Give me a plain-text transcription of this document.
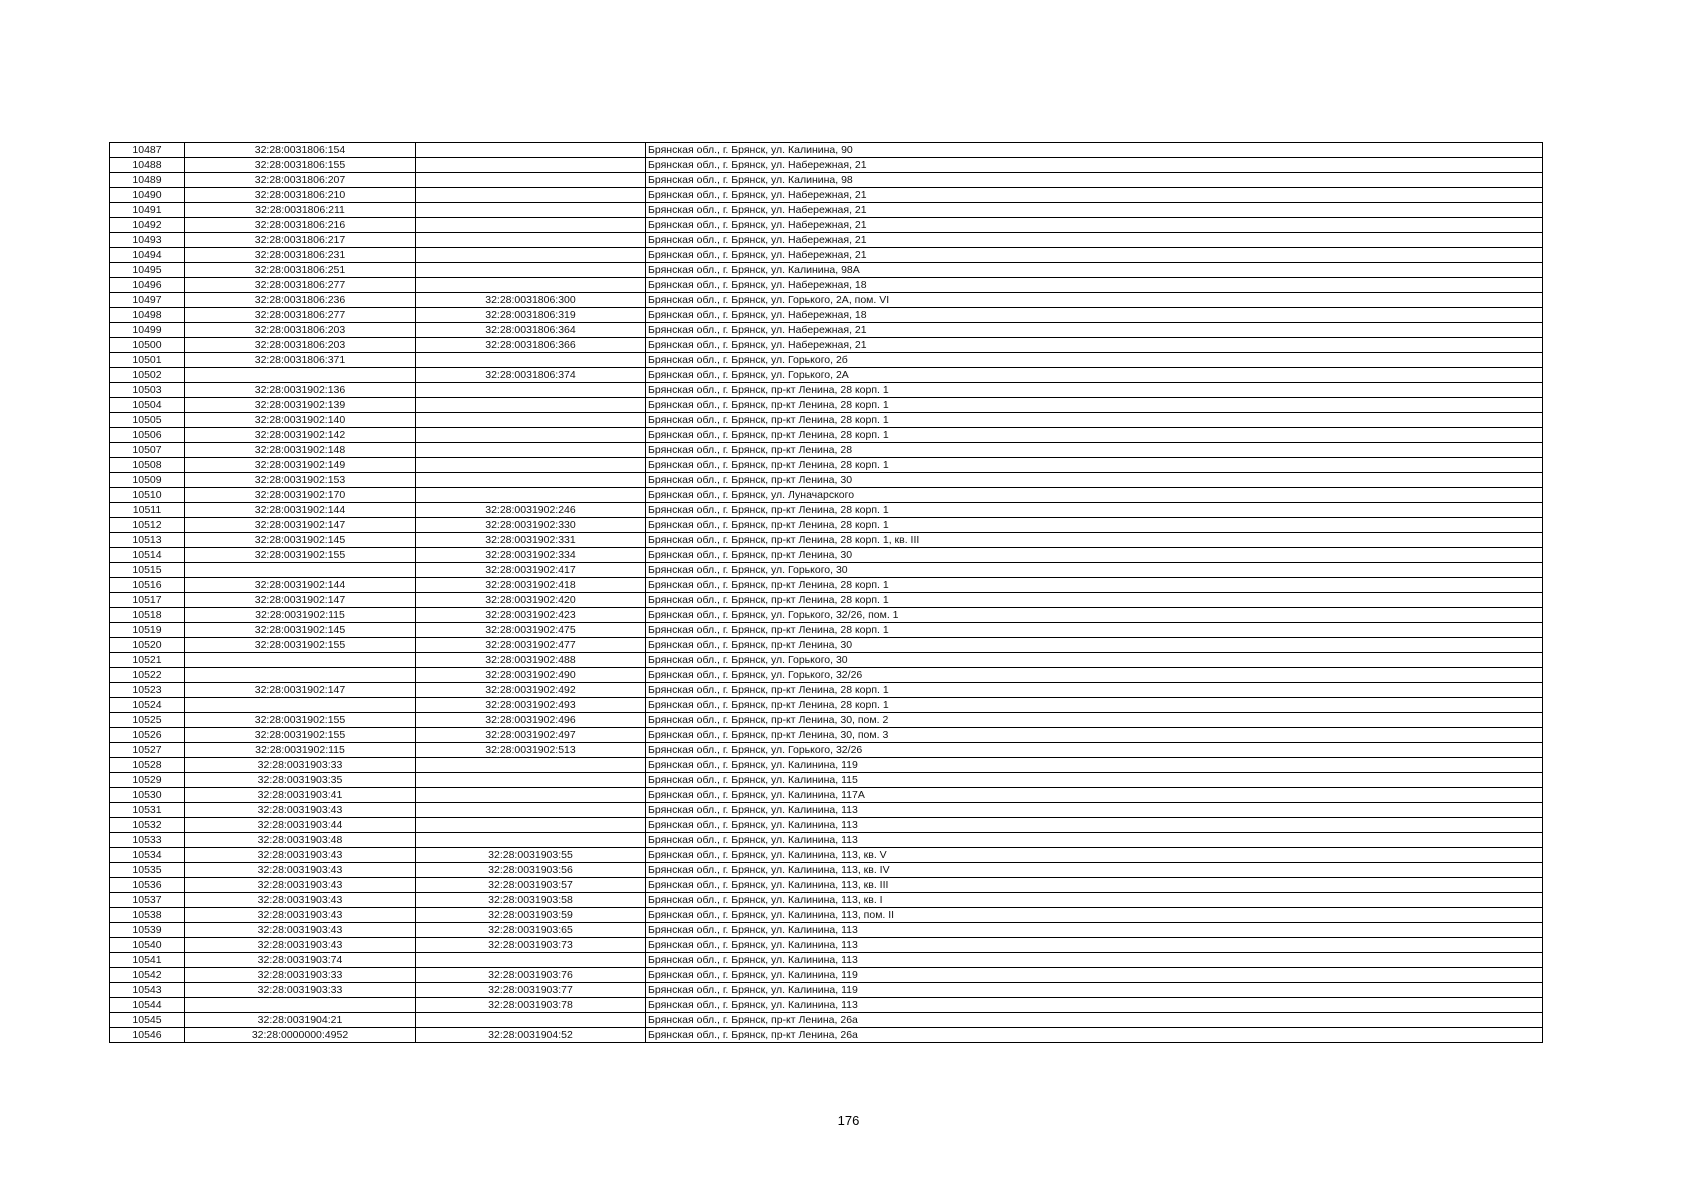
10487	32:28:0031806:154		Брянская обл., г. Брянск, ул. Калинина, 90
10488	32:28:0031806:155		Брянская обл., г. Брянск, ул. Набережная, 21
10489	32:28:0031806:207		Брянская обл., г. Брянск, ул. Калинина, 98
10490	32:28:0031806:210		Брянская обл., г. Брянск, ул. Набережная, 21
10491	32:28:0031806:211		Брянская обл., г. Брянск, ул. Набережная, 21
10492	32:28:0031806:216		Брянская обл., г. Брянск, ул. Набережная, 21
10493	32:28:0031806:217		Брянская обл., г. Брянск, ул. Набережная, 21
10494	32:28:0031806:231		Брянская обл., г. Брянск, ул. Набережная, 21
10495	32:28:0031806:251		Брянская обл., г. Брянск, ул. Калинина, 98А
10496	32:28:0031806:277		Брянская обл., г. Брянск, ул. Набережная, 18
10497	32:28:0031806:236	32:28:0031806:300	Брянская обл., г. Брянск, ул. Горького, 2А, пом. VI
10498	32:28:0031806:277	32:28:0031806:319	Брянская обл., г. Брянск, ул. Набережная, 18
10499	32:28:0031806:203	32:28:0031806:364	Брянская обл., г. Брянск, ул. Набережная, 21
10500	32:28:0031806:203	32:28:0031806:366	Брянская обл., г. Брянск, ул. Набережная, 21
10501	32:28:0031806:371		Брянская обл., г. Брянск, ул. Горького, 2б
10502		32:28:0031806:374	Брянская обл., г. Брянск, ул. Горького, 2А
10503	32:28:0031902:136		Брянская обл., г. Брянск, пр-кт Ленина, 28 корп. 1
10504	32:28:0031902:139		Брянская обл., г. Брянск, пр-кт Ленина, 28 корп. 1
10505	32:28:0031902:140		Брянская обл., г. Брянск, пр-кт Ленина, 28 корп. 1
10506	32:28:0031902:142		Брянская обл., г. Брянск, пр-кт Ленина, 28 корп. 1
10507	32:28:0031902:148		Брянская обл., г. Брянск, пр-кт Ленина, 28
10508	32:28:0031902:149		Брянская обл., г. Брянск, пр-кт Ленина, 28 корп. 1
10509	32:28:0031902:153		Брянская обл., г. Брянск, пр-кт Ленина, 30
10510	32:28:0031902:170		Брянская обл., г. Брянск, ул. Луначарского
10511	32:28:0031902:144	32:28:0031902:246	Брянская обл., г. Брянск, пр-кт Ленина, 28 корп. 1
10512	32:28:0031902:147	32:28:0031902:330	Брянская обл., г. Брянск, пр-кт Ленина, 28 корп. 1
10513	32:28:0031902:145	32:28:0031902:331	Брянская обл., г. Брянск, пр-кт Ленина, 28 корп. 1, кв. III
10514	32:28:0031902:155	32:28:0031902:334	Брянская обл., г. Брянск, пр-кт Ленина, 30
10515		32:28:0031902:417	Брянская обл., г. Брянск, ул. Горького, 30
10516	32:28:0031902:144	32:28:0031902:418	Брянская обл., г. Брянск, пр-кт Ленина, 28 корп. 1
10517	32:28:0031902:147	32:28:0031902:420	Брянская обл., г. Брянск, пр-кт Ленина, 28 корп. 1
10518	32:28:0031902:115	32:28:0031902:423	Брянская обл., г. Брянск, ул. Горького, 32/26, пом. 1
10519	32:28:0031902:145	32:28:0031902:475	Брянская обл., г. Брянск, пр-кт Ленина, 28 корп. 1
10520	32:28:0031902:155	32:28:0031902:477	Брянская обл., г. Брянск, пр-кт Ленина, 30
10521		32:28:0031902:488	Брянская обл., г. Брянск, ул. Горького, 30
10522		32:28:0031902:490	Брянская обл., г. Брянск, ул. Горького, 32/26
10523	32:28:0031902:147	32:28:0031902:492	Брянская обл., г. Брянск, пр-кт Ленина, 28 корп. 1
10524		32:28:0031902:493	Брянская обл., г. Брянск, пр-кт Ленина, 28 корп. 1
10525	32:28:0031902:155	32:28:0031902:496	Брянская обл., г. Брянск, пр-кт Ленина, 30, пом. 2
10526	32:28:0031902:155	32:28:0031902:497	Брянская обл., г. Брянск, пр-кт Ленина, 30, пом. 3
10527	32:28:0031902:115	32:28:0031902:513	Брянская обл., г. Брянск, ул. Горького, 32/26
10528	32:28:0031903:33		Брянская обл., г. Брянск, ул. Калинина, 119
10529	32:28:0031903:35		Брянская обл., г. Брянск, ул. Калинина, 115
10530	32:28:0031903:41		Брянская обл., г. Брянск, ул. Калинина, 117А
10531	32:28:0031903:43		Брянская обл., г. Брянск, ул. Калинина, 113
10532	32:28:0031903:44		Брянская обл., г. Брянск, ул. Калинина, 113
10533	32:28:0031903:48		Брянская обл., г. Брянск, ул. Калинина, 113
10534	32:28:0031903:43	32:28:0031903:55	Брянская обл., г. Брянск, ул. Калинина, 113, кв. V
10535	32:28:0031903:43	32:28:0031903:56	Брянская обл., г. Брянск, ул. Калинина, 113, кв. IV
10536	32:28:0031903:43	32:28:0031903:57	Брянская обл., г. Брянск, ул. Калинина, 113, кв. III
10537	32:28:0031903:43	32:28:0031903:58	Брянская обл., г. Брянск, ул. Калинина, 113, кв. I
10538	32:28:0031903:43	32:28:0031903:59	Брянская обл., г. Брянск, ул. Калинина, 113, пом. II
10539	32:28:0031903:43	32:28:0031903:65	Брянская обл., г. Брянск, ул. Калинина, 113
10540	32:28:0031903:43	32:28:0031903:73	Брянская обл., г. Брянск, ул. Калинина, 113
10541	32:28:0031903:74		Брянская обл., г. Брянск, ул. Калинина, 113
10542	32:28:0031903:33	32:28:0031903:76	Брянская обл., г. Брянск, ул. Калинина, 119
10543	32:28:0031903:33	32:28:0031903:77	Брянская обл., г. Брянск, ул. Калинина, 119
10544		32:28:0031903:78	Брянская обл., г. Брянск, ул. Калинина, 113
10545	32:28:0031904:21		Брянская обл., г. Брянск, пр-кт Ленина, 26а
10546	32:28:0000000:4952	32:28:0031904:52	Брянская обл., г. Брянск, пр-кт Ленина, 26а
176
